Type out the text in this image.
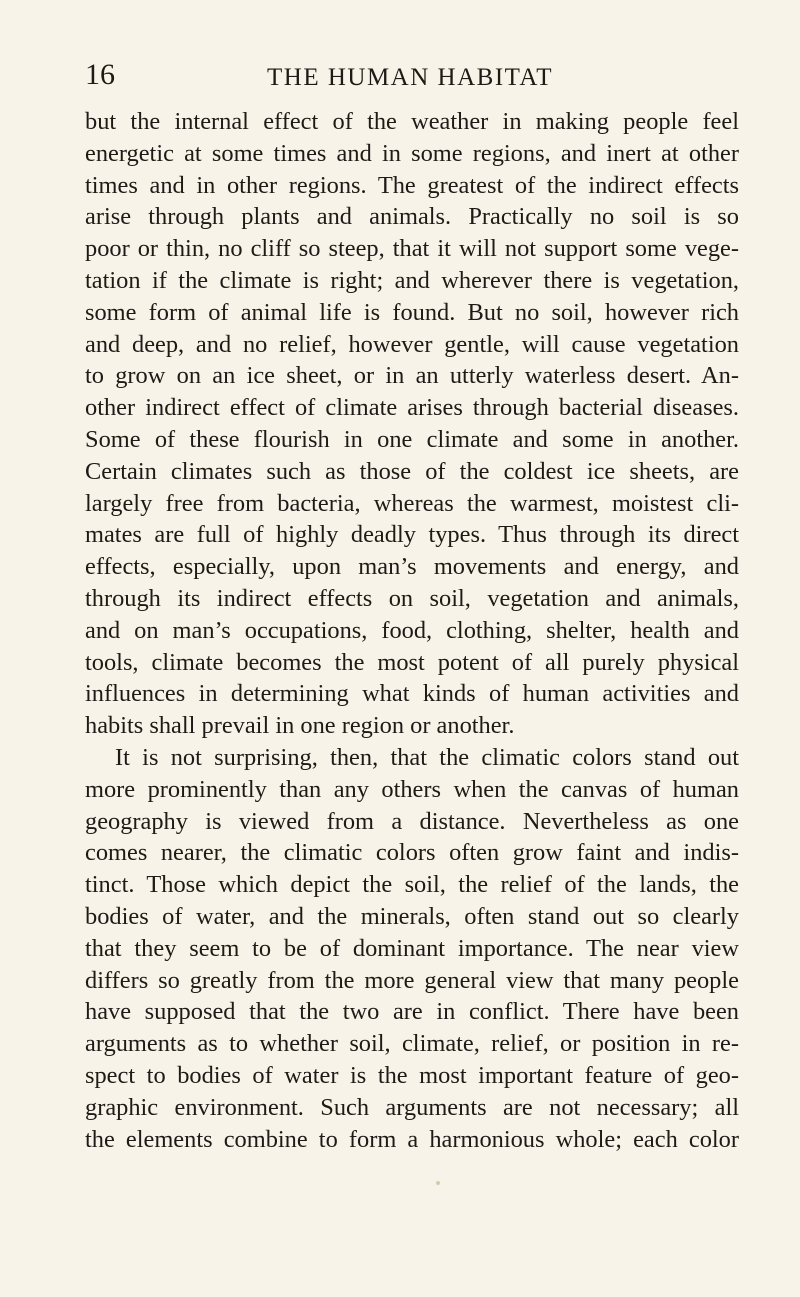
16	THE HUMAN HABITAT
but the internal effect of the weather in making people feel
energetic at some times and in some regions, and inert at other
times and in other regions. The greatest of the indirect effects
arise through plants and animals. Practically no soil is so
poor or thin, no cliff so steep, that it will not support some vege-
tation if the climate is right; and wherever there is vegetation,
some form of animal life is found. But no soil, however rich
and deep, and no relief, however gentle, will cause vegetation
to grow on an ice sheet, or in an utterly waterless desert. An-
other indirect effect of climate arises through bacterial diseases.
Some of these flourish in one climate and some in another.
Certain climates such as those of the coldest ice sheets, are
largely free from bacteria, whereas the warmest, moistest cli-
mates are full of highly deadly types. Thus through its direct
effects, especially, upon man’s movements and energy, and
through its indirect effects on soil, vegetation and animals,
and on man’s occupations, food, clothing, shelter, health and
tools, climate becomes the most potent of all purely physical
influences in determining what kinds of human activities and
habits shall prevail in one region or another.
It is not surprising, then, that the climatic colors stand out
more prominently than any others when the canvas of human
geography is viewed from a distance. Nevertheless as one
comes nearer, the climatic colors often grow faint and indis-
tinct. Those which depict the soil, the relief of the lands, the
bodies of water, and the minerals, often stand out so clearly
that they seem to be of dominant importance. The near view
differs so greatly from the more general view that many people
have supposed that the two are in conflict. There have been
arguments as to whether soil, climate, relief, or position in re-
spect to bodies of water is the most important feature of geo-
graphic environment. Such arguments are not necessary; all
the elements combine to form a harmonious whole; each color
